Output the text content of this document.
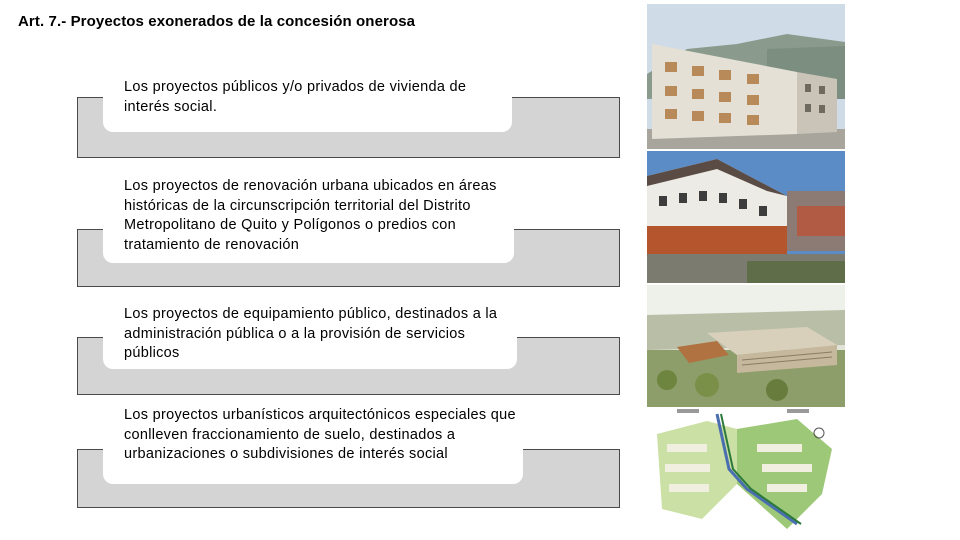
Art. 7.- Proyectos exonerados de la concesión onerosa
Los proyectos públicos y/o privados de vivienda de interés social.
Los proyectos de renovación urbana ubicados en áreas históricas de la circunscripción territorial del Distrito Metropolitano de Quito y Polígonos o predios con tratamiento de renovación
Los proyectos de equipamiento público, destinados a la administración pública o a la provisión de servicios públicos
Los proyectos urbanísticos arquitectónicos especiales que conlleven fraccionamiento de suelo, destinados a urbanizaciones o subdivisiones de interés social
